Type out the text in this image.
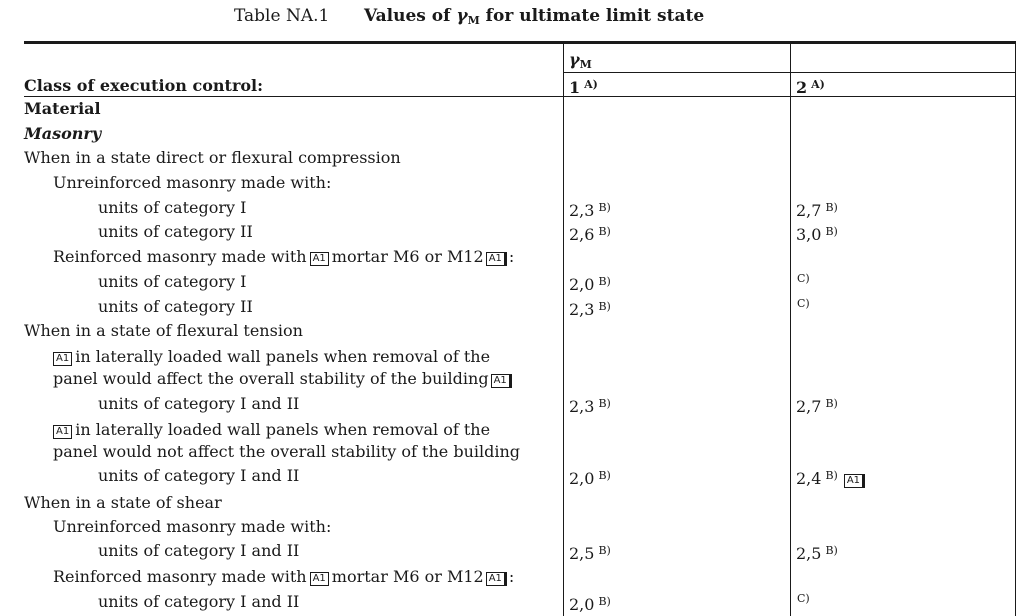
Table NA.1 Values of $\gamma_M$ for ultimate limit state
$\gamma_M$
Class of execution control:	1 $^{A)}$	2 $^{A)}$
Material
Masonry
When in a state direct or flexural compression
Unreinforced masonry made with:
units of category I
units of category II
Reinforced masonry made with A1 mortar M6 or M12 A1 :
units of category I
units of category II
When in a state of flexural tension
A1 in laterally loaded wall panels when removal of the
panel would affect the overall stability of the building A1
units of category I and II
A1 in laterally loaded wall panels when removal of the
panel would not affect the overall stability of the building
units of category I and II
When in a state of shear
Unreinforced masonry made with:
units of category I and II
Reinforced masonry made with A1 mortar M6 or M12 A1 :
units of category I and II
2,3 $^{B)}$
2,6 $^{B)}$
2,0 $^{B)}$
2,3 $^{B)}$
2,3 $^{B)}$
2,0 $^{B)}$
2,5 $^{B)}$
2,0 $^{B)}$
2,7 $^{B)}$
3,0 $^{B)}$
C)
C)
2,7 $^{B)}$
2,4 $^{B)}$ A1
2,5 $^{B)}$
C)
